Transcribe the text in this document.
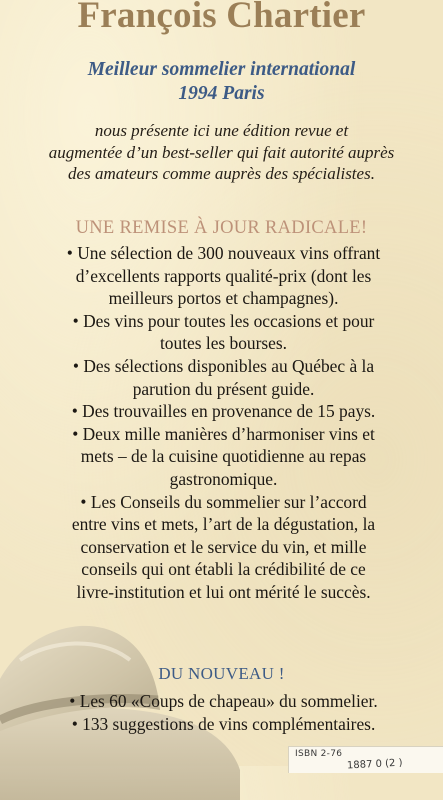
François Chartier
Meilleur sommelier international
1994 Paris
nous présente ici une édition revue et
augmentée d’un best-seller qui fait autorité auprès
des amateurs comme auprès des spécialistes.
UNE REMISE À JOUR RADICALE!

• Une sélection de 300 nouveaux vins offrant
d’excellents rapports qualité-prix (dont les
meilleurs portos et champagnes).

• Des vins pour toutes les occasions et pour
toutes les bourses.

• Des sélections disponibles au Québec à la
parution du présent guide.

• Des trouvailles en provenance de 15 pays.

• Deux mille manières d’harmoniser vins et
mets – de la cuisine quotidienne au repas
gastronomique.

• Les Conseils du sommelier sur l’accord
entre vins et mets, l’art de la dégustation, la
conservation et le service du vin, et mille
conseils qui ont établi la crédibilité de ce
livre-institution et lui ont mérité le succès.

DU NOUVEAU !

• Les 60 «Coups de chapeau» du sommelier.

• 133 suggestions de vins complémentaires.

ISBN 2-76
1887 0 (2 )
